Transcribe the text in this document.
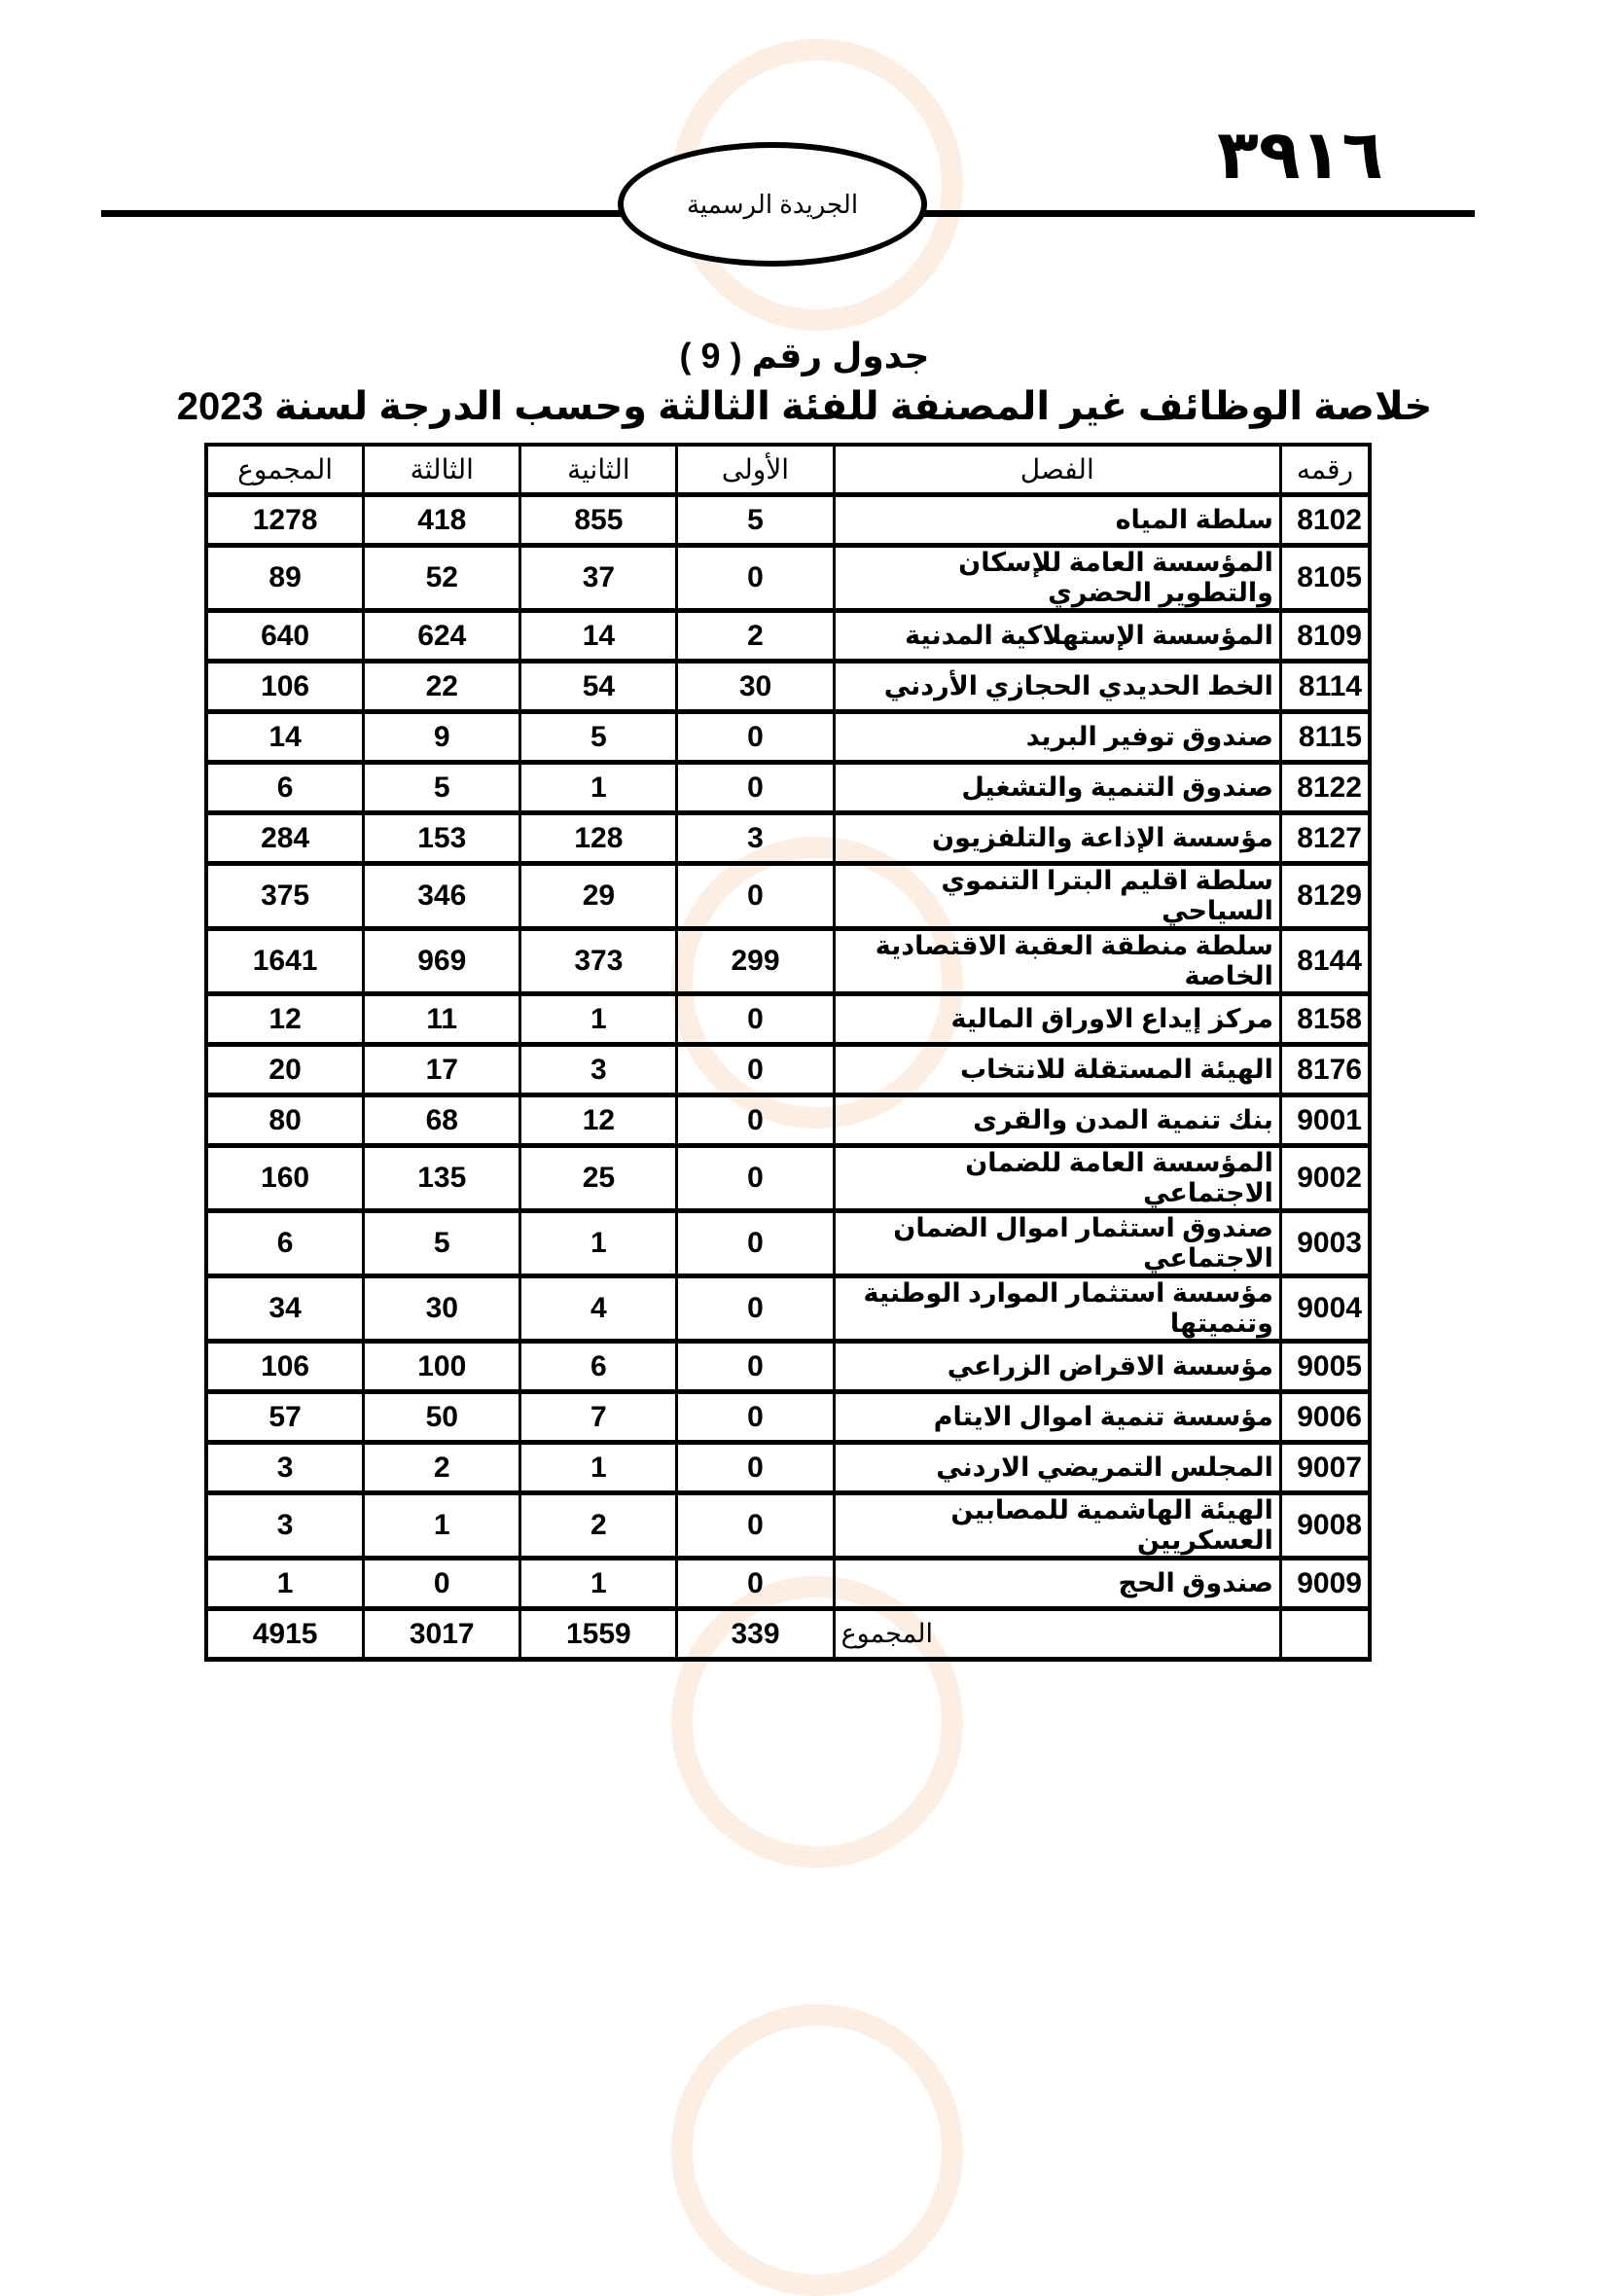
٣٩١٦
الجريدة الرسمية
جدول رقم ( 9 )
خلاصة الوظائف غير المصنفة للفئة الثالثة وحسب الدرجة لسنة 2023
رقمه	الفصل	الأولى	الثانية	الثالثة	المجموع
8102	سلطة المياه	5	855	418	1278
8105	المؤسسة العامة للإسكان والتطوير الحضري	0	37	52	89
8109	المؤسسة الإستهلاكية المدنية	2	14	624	640
8114	الخط الحديدي الحجازي الأردني	30	54	22	106
8115	صندوق توفير البريد	0	5	9	14
8122	صندوق التنمية والتشغيل	0	1	5	6
8127	مؤسسة الإذاعة والتلفزيون	3	128	153	284
8129	سلطة اقليم البترا التنموي السياحي	0	29	346	375
8144	سلطة منطقة العقبة الاقتصادية الخاصة	299	373	969	1641
8158	مركز إيداع الاوراق المالية	0	1	11	12
8176	الهيئة المستقلة للانتخاب	0	3	17	20
9001	بنك تنمية المدن والقرى	0	12	68	80
9002	المؤسسة العامة للضمان الاجتماعي	0	25	135	160
9003	صندوق استثمار اموال الضمان الاجتماعي	0	1	5	6
9004	مؤسسة استثمار الموارد الوطنية وتنميتها	0	4	30	34
9005	مؤسسة الاقراض الزراعي	0	6	100	106
9006	مؤسسة تنمية اموال الايتام	0	7	50	57
9007	المجلس التمريضي الاردني	0	1	2	3
9008	الهيئة الهاشمية للمصابين العسكريين	0	2	1	3
9009	صندوق الحج	0	1	0	1
	المجموع	339	1559	3017	4915
